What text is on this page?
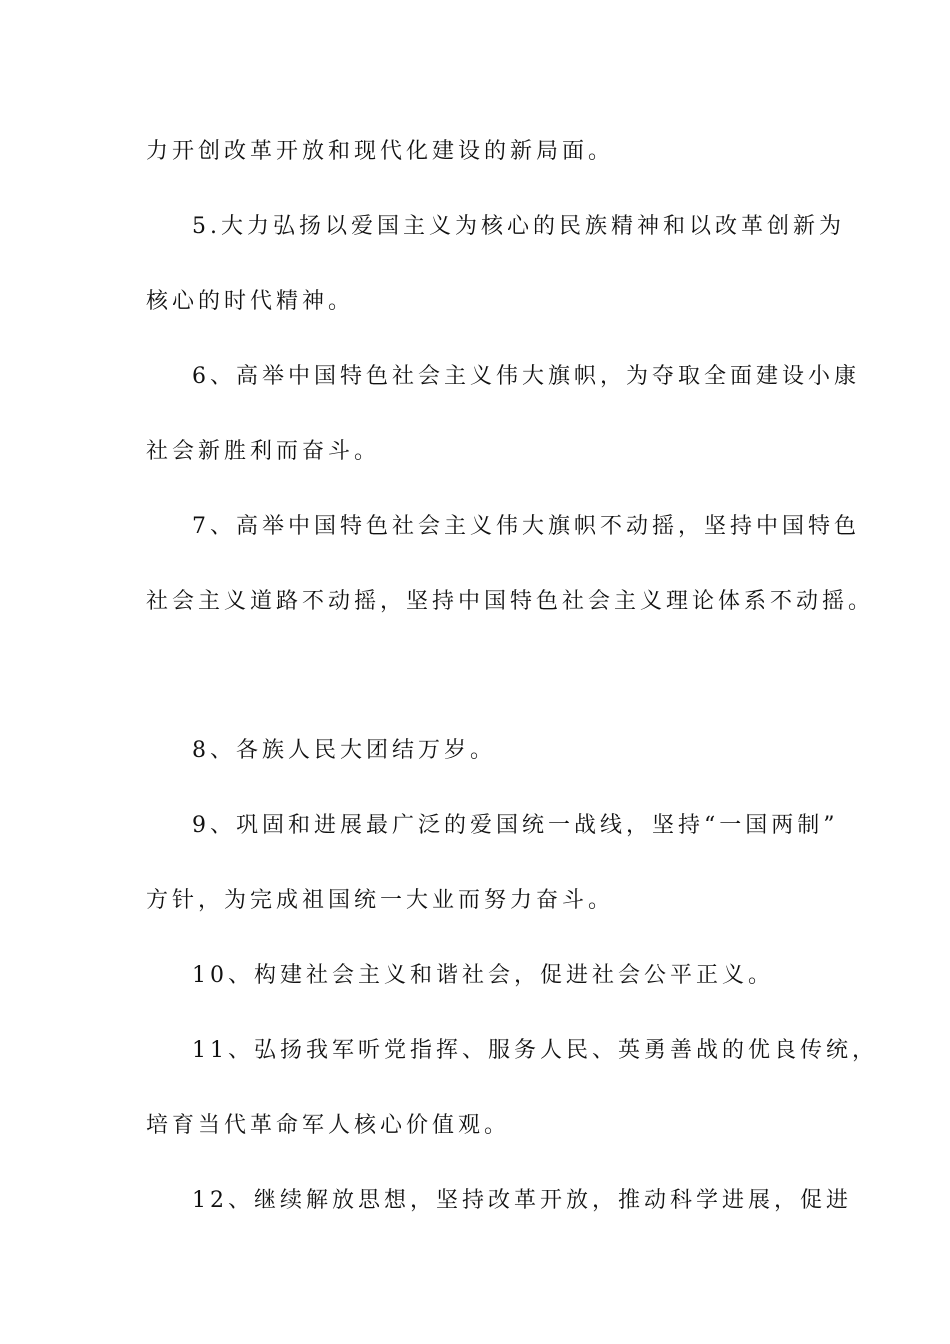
力开创改革开放和现代化建设的新局面。
5.大力弘扬以爱国主义为核心的民族精神和以改革创新为
核心的时代精神。
6、高举中国特色社会主义伟大旗帜，为夺取全面建设小康
社会新胜利而奋斗。
7、高举中国特色社会主义伟大旗帜不动摇，坚持中国特色
社会主义道路不动摇，坚持中国特色社会主义理论体系不动摇。
8、各族人民大团结万岁。
9、巩固和进展最广泛的爱国统一战线，坚持“一国两制”
方针，为完成祖国统一大业而努力奋斗。
10、构建社会主义和谐社会，促进社会公平正义。
11、弘扬我军听党指挥、服务人民、英勇善战的优良传统，
培育当代革命军人核心价值观。
12、继续解放思想，坚持改革开放，推动科学进展，促进
